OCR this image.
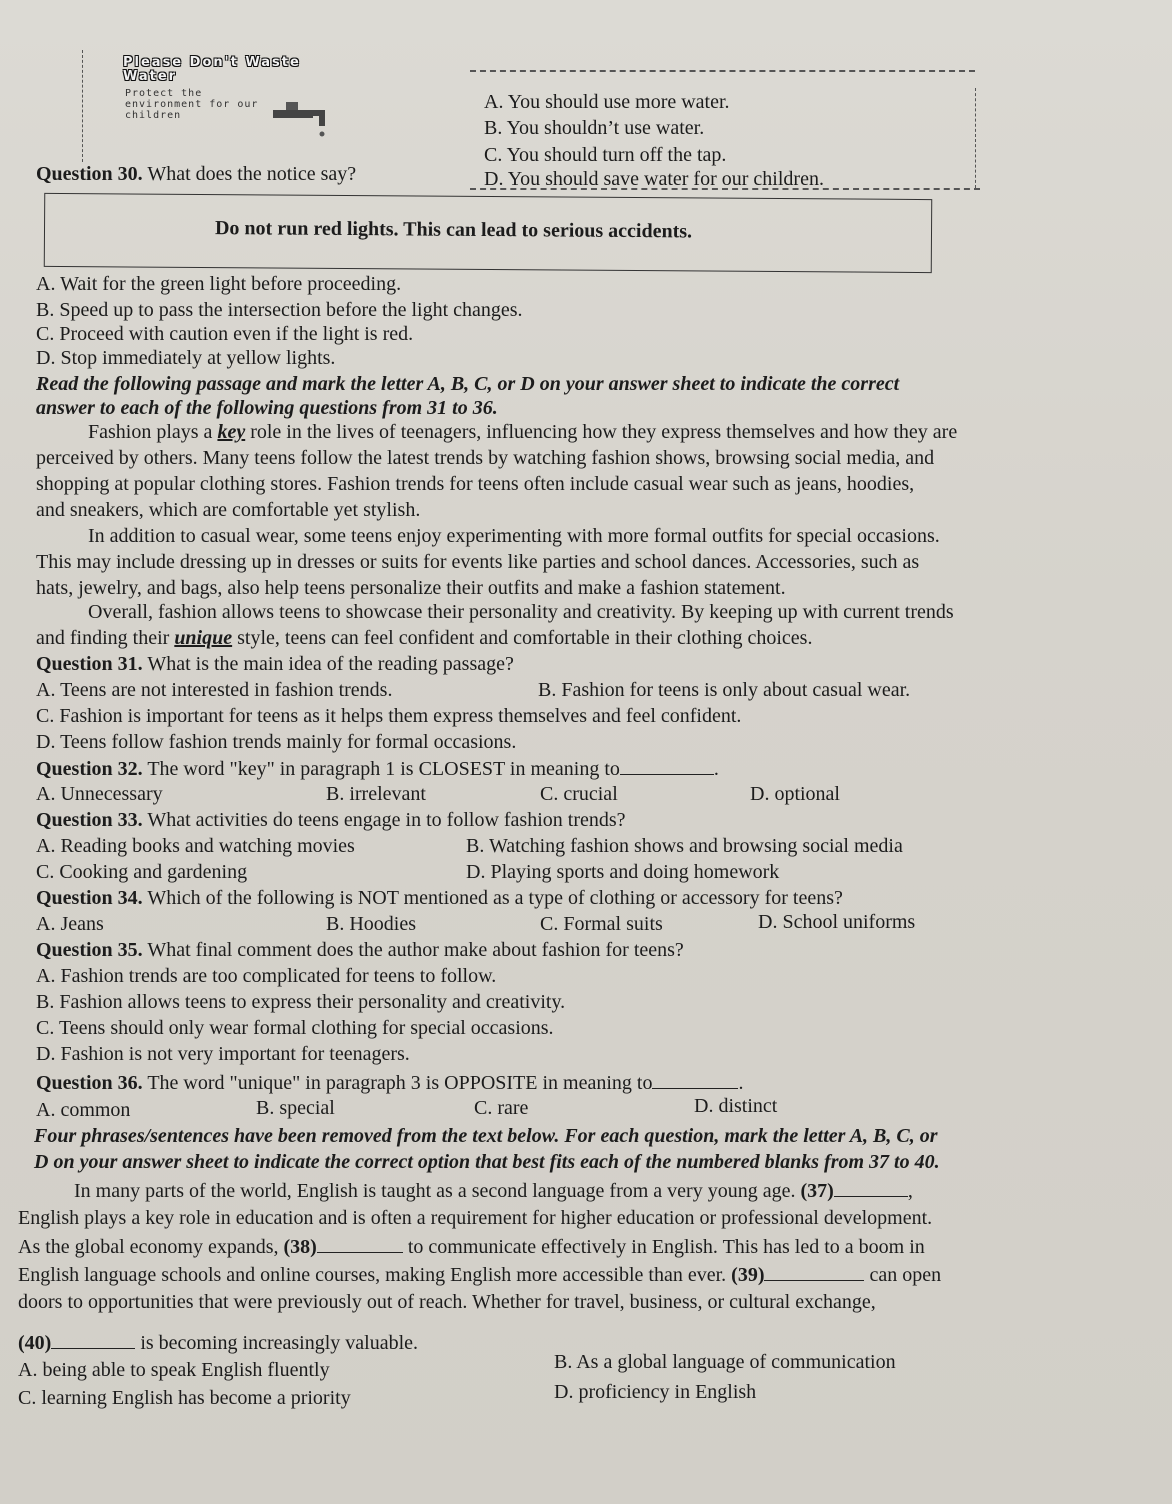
Please Don't Waste Water
Protect the environment for our children
A. You should use more water.
B. You shouldn’t use water.
C. You should turn off the tap.
D. You should save water for our children.
Question 30. What does the notice say?
Do not run red lights. This can lead to serious accidents.
A. Wait for the green light before proceeding.
B. Speed up to pass the intersection before the light changes.
C. Proceed with caution even if the light is red.
D. Stop immediately at yellow lights.
Read the following passage and mark the letter A, B, C, or D on your answer sheet to indicate the correct
answer to each of the following questions from 31 to 36.
Fashion plays a key role in the lives of teenagers, influencing how they express themselves and how they are
perceived by others. Many teens follow the latest trends by watching fashion shows, browsing social media, and
shopping at popular clothing stores. Fashion trends for teens often include casual wear such as jeans, hoodies,
and sneakers, which are comfortable yet stylish.
In addition to casual wear, some teens enjoy experimenting with more formal outfits for special occasions.
This may include dressing up in dresses or suits for events like parties and school dances. Accessories, such as
hats, jewelry, and bags, also help teens personalize their outfits and make a fashion statement.
Overall, fashion allows teens to showcase their personality and creativity. By keeping up with current trends
and finding their unique style, teens can feel confident and comfortable in their clothing choices.
Question 31. What is the main idea of the reading passage?
A. Teens are not interested in fashion trends.	B. Fashion for teens is only about casual wear.
C. Fashion is important for teens as it helps them express themselves and feel confident.
D. Teens follow fashion trends mainly for formal occasions.
Question 32. The word "key" in paragraph 1 is CLOSEST in meaning to	.
A. Unnecessary	B. irrelevant	C. crucial	D. optional
Question 33. What activities do teens engage in to follow fashion trends?
A. Reading books and watching movies	B. Watching fashion shows and browsing social media
C. Cooking and gardening	D. Playing sports and doing homework
Question 34. Which of the following is NOT mentioned as a type of clothing or accessory for teens?
A. Jeans	B. Hoodies	C. Formal suits	D. School uniforms
Question 35. What final comment does the author make about fashion for teens?
A. Fashion trends are too complicated for teens to follow.
B. Fashion allows teens to express their personality and creativity.
C. Teens should only wear formal clothing for special occasions.
D. Fashion is not very important for teenagers.
Question 36. The word "unique" in paragraph 3 is OPPOSITE in meaning to	.
A. common	B. special	C. rare	D. distinct
Four phrases/sentences have been removed from the text below. For each question, mark the letter A, B, C, or
D on your answer sheet to indicate the correct option that best fits each of the numbered blanks from 37 to 40.
In many parts of the world, English is taught as a second language from a very young age. (37)	,
English plays a key role in education and is often a requirement for higher education or professional development.
As the global economy expands, (38)	to communicate effectively in English. This has led to a boom in
English language schools and online courses, making English more accessible than ever. (39)	can open
doors to opportunities that were previously out of reach. Whether for travel, business, or cultural exchange,
(40)	is becoming increasingly valuable.
A. being able to speak English fluently	B. As a global language of communication
C. learning English has become a priority	D. proficiency in English
